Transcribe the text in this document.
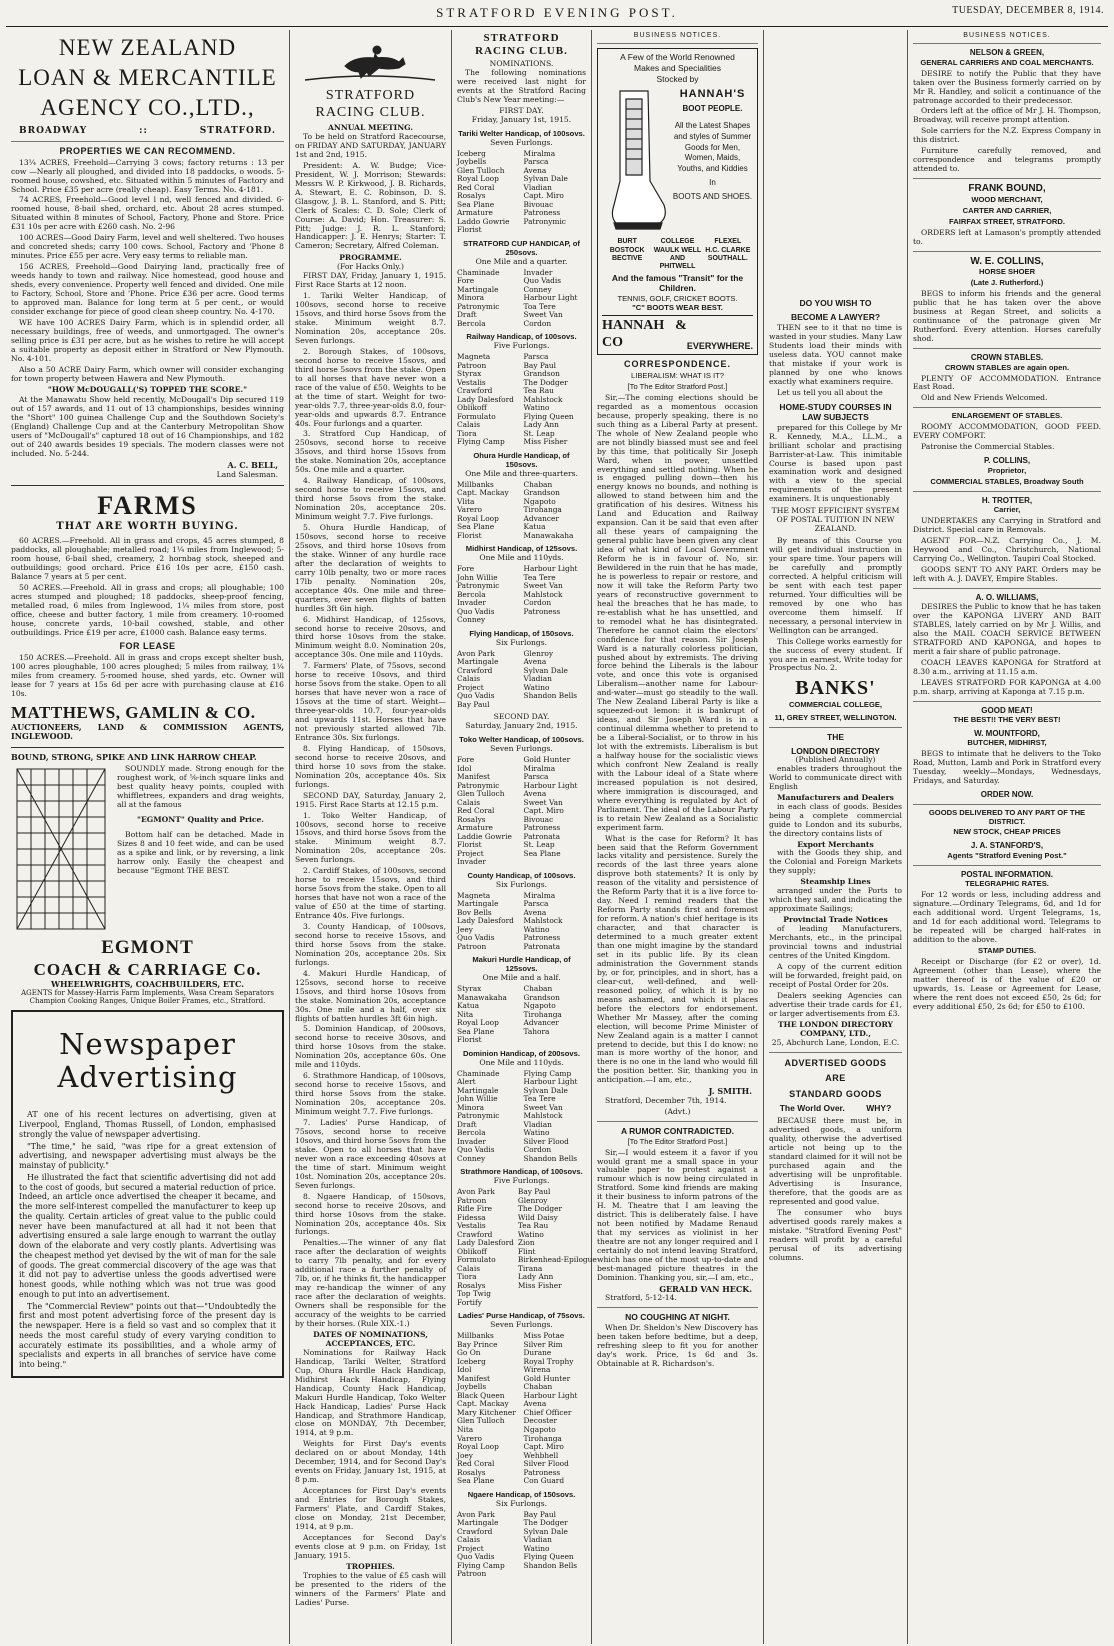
STRATFORD EVENING POST.	TUESDAY, DECEMBER 8, 1914.
NEW ZEALAND
LOAN & MERCANTILE
AGENCY CO.,LTD.,
BROADWAY	::	STRATFORD.
PROPERTIES WE CAN RECOMMEND.

13¼ ACRES, Freehold—Carrying 3 cows; factory returns : 13 per cow —Nearly all ploughed, and divided into 18 paddocks, o woods. 5-roomed house, cowshed, etc. Situated within 5 minutes of Factory and School. Price £35 per acre (really cheap). Easy Terms. No. 4-181.

74 ACRES, Freehold—Good level l nd, well fenced and divided. 6-roomed house, 8-bail shed, orchard, etc. About 28 acres stumped. Situated within 8 minutes of School, Factory, Phone and Store. Price £31 10s per acre with £260 cash. No. 2-96

100 ACRES—Good Dairy Farm, level and well sheltered. Two houses and concreted sheds; carry 100 cows. School, Factory and 'Phone 8 minutes. Price £55 per acre. Very easy terms to reliable man.

156 ACRES, Freehold—Good Dairying land, practically free of weeds handy to town and railway. Nice homestead, good house and sheds, every convenience. Property well fenced and divided. One mile to Factory, School, Store and 'Phone. Price £36 per acre. Good terms to approved man. Balance for long term at 5 per cent., or would consider exchange for piece of good clean sheep country. No. 4-170.

WE have 100 ACRES Dairy Farm, which is in splendid order, all necessary buildings, free of weeds, and unmortgaged. The owner's selling price is £31 per acre, but as he wishes to retire he will accept a suitable property as deposit either in Stratford or New Plymouth. No. 4-101.

Also a 50 ACRE Dairy Farm, which owner will consider exchanging for town property between Hawera and New Plymouth.

"HOW McDOUGALL('S) TOPPED THE SCORE."

At the Manawatu Show held recently, McDougall's Dip secured 119 out of 157 awards, and 11 out of 13 championships, besides winning the "Short" 100 guinea Challenge Cup and the Southdown Society's (England) Challenge Cup and at the Canterbury Metropolitan Show users of "McDougall's" captured 18 out of 16 Championships, and 182 out of 240 awards besides 19 specials. The modern classes were not included. No. 5-244.

A. C. BELL,
Land Salesman.
FARMS
THAT ARE WORTH BUYING.

60 ACRES.—Freehold. All in grass and crops, 45 acres stumped, 8 paddocks, all ploughable; metalled road; 1¼ miles from Inglewood; 5-room house, 6-bail shed, creamery, 2 hornbag stock, sheeped and outbuildings; good orchard. Price £16 10s per acre, £150 cash. Balance 7 years at 5 per cent.

50 ACRES.—Freehold. All in grass and crops; all ploughable; 100 acres stumped and ploughed; 18 paddocks, sheep-proof fencing, metalled road, 6 miles from Inglewood, 1¼ miles from store, post office, cheese and butter factory, 1 mile from creamery. 10-roomed house, concrete yards, 10-bail cowshed, stable, and other outbuildings. Price £19 per acre, £1000 cash. Balance easy terms.

FOR LEASE

150 ACRES.—Freehold. All in grass and crops except shelter bush, 100 acres ploughable, 100 acres ploughed; 5 miles from railway, 1¼ miles from creamery. 5-roomed house, shed yards, etc. Owner will lease for 7 years at 15s 6d per acre with purchasing clause at £16 10s.

MATTHEWS, GAMLIN & CO.
AUCTIONEERS, LAND & COMMISSION AGENTS, INGLEWOOD.
BOUND, STRONG, SPIKE AND LINK HARROW CHEAP.

SOUNDLY made. Strong enough for the roughest work, of ⅝-inch square links and best quality heavy points, coupled with whiffletrees, expanders and drag weights, all at the famous

"EGMONT" Quality and Price.

Bottom half can be detached. Made in Sizes 8 and 10 feet wide, and can be used as a spike and link, or by reversing, a link harrow only. Easily the cheapest and because "Egmont THE BEST.

EGMONT
COACH & CARRIAGE Co.
WHEELWRIGHTS, COACHBUILDERS, ETC.
AGENTS for Massey-Harris Farm Implements, Wasa Cream Separators Champion Cooking Ranges, Unique Boiler Frames, etc., Stratford.
Newspaper
Advertising

AT one of his recent lectures on advertising, given at Liverpool, England, Thomas Russell, of London, emphasised strongly the value of newspaper advertising.

"The time," he said, "was ripe for a great extension of advertising, and newspaper advertising must always be the mainstay of publicity."

He illustrated the fact that scientific advertising did not add to the cost of goods, but secured a material reduction of price. Indeed, an article once advertised the cheaper it became, and the more self-interest compelled the manufacturer to keep up the quality. Certain articles of great value to the public could never have been manufactured at all had it not been that advertising ensured a sale large enough to warrant the outlay down of the elaborate and very costly plants. Advertising was the cheapest method yet devised by the wit of man for the sale of goods. The great commercial discovery of the age was that it did not pay to advertise unless the goods advertised were honest goods, while nothing which was not true was good enough to put into an advertisement.

The "Commercial Review" points out that—"Undoubtedly the first and most potent advertising force of the present day is the newspaper. Here is a field so vast and so complex that it needs the most careful study of every varying condition to accurately estimate its possibilities, and a whole army of specialists and experts in all branches of service have come into being."

STRATFORD RACING CLUB.
ANNUAL MEETING.

To be held on Stratford Racecourse, on FRIDAY AND SATURDAY, JANUARY 1st and 2nd, 1915.

President: A. W. Budge; Vice-President, W. J. Morrison; Stewards: Messrs W. P. Kirkwood, J. B. Richards, A. Stewart, E. C. Robinson, D. S. Glasgow, J. B. L. Stanford, and S. Pitt; Clerk of Scales: C. D. Sole; Clerk of Course: A. David; Hon. Treasurer: S. Pitt; Judge: J. R. L. Stanford; Handicapper: J. E. Henrys; Starter: T. Cameron; Secretary, Alfred Coleman.

PROGRAMME.
(For Hacks Only.)

FIRST DAY, Friday, January 1, 1915. First Race Starts at 12 noon.

1. Tariki Welter Handicap, of 100sovs, second horse to receive 15sovs, and third horse 5sovs from the stake. Minimum weight 8.7. Nomination 20s, acceptance 20s. Seven furlongs.

2. Borough Stakes, of 100sovs, second horse to receive 15sovs, and third horse 5sovs from the stake. Open to all horses that have never won a race of the value of £50. Weights to be at the time of start. Weight for two-year-olds 7.7, three-year-olds 8.0, four-year-olds and upwards 8.7. Entrance 40s. Four furlongs and a quarter.

3. Stratford Cup Handicap, of 250sovs, second horse to receive 35sovs, and third horse 15sovs from the stake. Nomination 20s, acceptance 50s. One mile and a quarter.

4. Railway Handicap, of 100sovs, second horse to receive 15sovs, and third horse 5sovs from the stake. Nomination 20s, acceptance 20s. Minimum weight 7.7. Five furlongs.

5. Ohura Hurdle Handicap, of 150sovs, second horse to receive 25sovs, and third horse 10sovs from the stake. Winner of any hurdle race after the declaration of weights to carry 10lb penalty, two or more races 17lb penalty. Nomination 20s, acceptance 40s. One mile and three-quarters, over seven flights of batten hurdles 3ft 6in high.

6. Midhirst Handicap, of 125sovs, second horse to receive 20sovs, and third horse 10sovs from the stake. Minimum weight 8.0. Nomination 20s, acceptance 30s. One mile and 110yds.

7. Farmers' Plate, of 75sovs, second horse to receive 10sovs, and third horse 5sovs from the stake. Open to all horses that have never won a race of 15sovs at the time of start. Weight—three-year-olds 10.7, four-year-olds and upwards 11st. Horses that have not previously started allowed 7lb. Entrance 30s. Six furlongs.

8. Flying Handicap, of 150sovs, second horse to receive 20sovs, and third horse 10 sovs from the stake. Nomination 20s, acceptance 40s. Six furlongs.

SECOND DAY, Saturday, January 2, 1915. First Race Starts at 12.15 p.m.

1. Toko Welter Handicap, of 100sovs, second horse to receive 15sovs, and third horse 5sovs from the stake. Minimum weight 8.7. Nomination 20s, acceptance 20s. Seven furlongs.

2. Cardiff Stakes, of 100sovs, second horse to receive 15sovs, and third horse 5sovs from the stake. Open to all horses that have not won a race of the value of £50 at the time of starting. Entrance 40s. Five furlongs.

3. County Handicap, of 100sovs, second horse to receive 15sovs, and third horse 5sovs from the stake. Nomination 20s, acceptance 20s. Six furlongs.

4. Makuri Hurdle Handicap, of 125sovs, second horse to receive 15sovs, and third horse 10sovs from the stake. Nomination 20s, acceptance 30s. One mile and a half, over six flights of batten hurdles 3ft 6in high.

5. Dominion Handicap, of 200sovs, second horse to receive 30sovs, and third horse 10sovs from the stake. Nomination 20s, acceptance 60s. One mile and 110yds.

6. Strathmore Handicap, of 100sovs, second horse to receive 15sovs, and third horse 5sovs from the stake. Nomination 20s, acceptance 20s. Minimum weight 7.7. Five furlongs.

7. Ladies' Purse Handicap, of 75sovs, second horse to receive 10sovs, and third horse 5sovs from the stake. Open to all horses that have never won a race exceeding 40sovs at the time of start. Minimum weight 10st. Nomination 20s, acceptance 20s. Seven furlongs.

8. Ngaere Handicap, of 150sovs, second horse to receive 20sovs, and third horse 10sovs from the stake. Nomination 20s, acceptance 40s. Six furlongs.

Penalties.—The winner of any flat race after the declaration of weights to carry 7lb penalty, and for every additional race a further penalty of 7lb, or, if he thinks fit, the handicapper may re-handicap the winner of any race after the declaration of weights. Owners shall be responsible for the accuracy of the weights to be carried by their horses. (Rule XIX.-1.)

DATES OF NOMINATIONS, ACCEPTANCES, ETC.

Nominations for Railway Hack Handicap, Tariki Welter, Stratford Cup, Ohura Hurdle Hack Handicap, Midhirst Hack Handicap, Flying Handicap, County Hack Handicap, Makuri Hurdle Handicap, Toko Welter Hack Handicap, Ladies' Purse Hack Handicap, and Strathmore Handicap, close on MONDAY, 7th December, 1914, at 9 p.m.

Weights for First Day's events declared on or about Monday, 14th December, 1914, and for Second Day's events on Friday, January 1st, 1915, at 8 p.m.

Acceptances for First Day's events and Entries for Borough Stakes, Farmers' Plate, and Cardiff Stakes, close on Monday, 21st December, 1914, at 9 p.m.

Acceptances for Second Day's events close at 9 p.m. on Friday, 1st January, 1915.

TROPHIES.

Trophies to the value of £5 cash will be presented to the riders of the winners of the Farmers' Plate and Ladies' Purse.

STRATFORD RACING CLUB.
NOMINATIONS.

The following nominations were received last night for events at the Stratford Racing Club's New Year meeting:—

FIRST DAY.
Friday, January 1st, 1915.
Tariki Welter Handicap, of 100sovs.
Seven Furlongs.
Iceberg	Miralma
Joybells	Parsca
Glen Tulloch	Avena
Royal Loop	Sylvan Dale
Red Coral	Vladian
Rosalys	Capt. Miro
Sea Plane	Bivouac
Armature	Patroness
Laddo Gowrie	Patronymic
Florist
STRATFORD CUP HANDICAP, of 250sovs.
One Mile and a quarter.
Chaminade	Invader
Fore	Quo Vadis
Martingale	Conney
Minora	Harbour Light
Patronymic	Toa Tere
Draft	Sweet Van
Bercola	Cordon
Railway Handicap, of 100sovs.
Five Furlongs.
Magneta	Parsca
Patroon	Bay Paul
Styrax	Grandson
Vestalis	The Dodger
Crawford	Tea Rau
Lady Dalesford	Mahlstock
Oblikoff	Watino
Formulato	Flying Queen
Calais	Lady Ann
Tiora	St. Leap
Flying Camp	Miss Fisher
Ohura Hurdle Handicap, of 150sovs.
One Mile and three-quarters.
Millbanks	Chaban
Capt. Mackay	Grandson
Vlita	Ngapoto
Varero	Tirohanga
Royal Loop	Advancer
Sea Plane	Katua
Florist	Manawakaha
Midhirst Handicap, of 125sovs.
One Mile and 110yds.
Fore	Harbour Light
John Willie	Tea Tere
Patronymic	Sweet Van
Bercola	Mahlstock
Invader	Cordon
Quo Vadis	Patroness
Conney
Flying Handicap, of 150sovs.
Six Furlongs.
Avon Park	Glenroy
Martingale	Avena
Crawford	Sylvan Dale
Calais	Vladian
Project	Watino
Quo Vadis	Shandon Bells
Bay Paul
SECOND DAY.
Saturday, January 2nd, 1915.
Toko Welter Handicap, of 100sovs.
Seven Furlongs.
Fore	Gold Hunter
Idol	Miralma
Manifest	Parsca
Patronymic	Harbour Light
Glen Tulloch	Avena
Calais	Sweet Van
Red Coral	Capt. Miro
Rosalys	Bivouac
Armature	Patroness
Laddie Gowrie	Patronata
Florist	St. Leap
Project	Sea Plane
Invader
County Handicap, of 100sovs.
Six Furlongs.
Magneta	Miralma
Martingale	Parsca
Bov Bells	Avena
Lady Dalesford	Mahlstock
Jeey	Watino
Quo Vadis	Patroness
Patroon	Patronata
Makuri Hurdle Handicap, of 125sovs.
One Mile and a half.
Styrax	Chaban
Manawakaha	Grandson
Katua	Ngapoto
Nita	Tirohanga
Royal Loop	Advancer
Sea Plane	Tahora
Florist
Dominion Handicap, of 200sovs.
One Mile and 110yds.
Chaminade	Flying Camp
Alert	Harbour Light
Martingale	Sylvan Dale
John Willie	Tea Tere
Minora	Sweet Van
Patronymic	Mahlstock
Draft	Vladian
Bercola	Watino
Invader	Silver Flood
Quo Vadis	Cordon
Conney	Shandon Bells
Strathmore Handicap, of 100sovs.
Five Furlongs.
Avon Park	Bay Paul
Patroon	Glenroy
Rifle Fire	The Dodger
Fidessa	Wild Daisy
Vestalis	Tea Rau
Crawford	Watino
Lady Dalesford Zion
Oblikoff	Flint
Formulato	Birkenhead-Epilogue
Calais	Tirana
Tiora	Lady Ann
Rosalys	Miss Fisher
Top Twig
Fortify
Ladies' Purse Handicap, of 75sovs.
Seven Furlongs.
Millbanks	Miss Potae
Bay Prince	Silver Rim
Go On	Durane
Iceberg	Royal Trophy
Idol	Wirena
Manifest	Gold Hunter
Joybells	Chaban
Black Queen	Harbour Light
Capt. Mackay	Avena
Mary Kitchener	Chief Officer
Glen Tulloch	Decoster
Nita	Ngapoto
Varero	Tirohanga
Royal Loop	Capt. Miro
Joey	Wehbhell
Red Coral	Silver Flood
Rosalys	Patroness
Sea Plane	Con Guard
Ngaere Handicap, of 150sovs.
Six Furlongs.
Avon Park	Bay Paul
Martingale	The Dodger
Crawford	Sylvan Dale
Calais	Vladian
Project	Watino
Quo Vadis	Flying Queen
Flying Camp	Shandon Bells
Patroon
BUSINESS NOTICES.
A Few of the World Renowned
Makes and Specialities
Stocked by
HANNAH'S
BOOT PEOPLE.
All the Latest Shapes and styles of Summer Goods for Men, Women, Maids, Youths, and Kiddies
In
BOOTS AND SHOES.
BURT	COLLEGE	FLEXEL
BOSTOCK	WAULK WELL H.C. CLARKE
BECTIVE	AND PHITWELL
SOUTHALL.
And the famous "Transit" for the Children.
TENNIS, GOLF, CRICKET BOOTS.
"C" BOOTS WEAR BEST.
HANNAH & CO	EVERYWHERE.
CORRESPONDENCE.
LIBERALISM: WHAT IS IT?
[To The Editor Stratford Post.]

Sir,—The coming elections should be regarded as a momentous occasion because, properly speaking, there is no such thing as a Liberal Party at present. The whole of New Zealand people who are not blindly biassed must see and feel by this time, that politically Sir Joseph Ward, when in power, unsettled everything and settled nothing. When he is engaged pulling down—then his energy knows no bounds, and nothing is allowed to stand between him and the gratification of his desires. Witness his Land and Education and Railway expansion. Can it be said that even after all these years of campaigning the general public have been given any clear idea of what kind of Local Government Reform he is in favour of. No, sir. Bewildered in the ruin that he has made, he is powerless to repair or restore, and now it will take the Reform Party two years of reconstructive government to heal the breaches that he has made, to re-establish what he has unsettled, and to remodel what he has disintegrated. Therefore he cannot claim the electors' confidence for that reason. Sir Joseph Ward is a naturally colorless politician, pushed about by extremists. The driving force behind the Liberals is the labour vote, and once this vote is organised Liberalism—another name for Labour-and-water—must go steadily to the wall. The New Zealand Liberal Party is like a squeezed-out lemon: it is bankrupt of ideas, and Sir Joseph Ward is in a continual dilemma whether to pretend to be a Liberal-Socialist, or to throw in his lot with the extremists. Liberalism is but a halfway house for the socialistic views which confront New Zealand is really with the Labour ideal of a State where increased population is not desired, where immigration is discouraged, and where everything is regulated by Act of Parliament. The ideal of the Labour Party is to retain New Zealand as a Socialistic experiment farm.

What is the case for Reform? It has been said that the Reform Government lacks vitality and persistence. Surely the records of the last three years alone disprove both statements? It is only by reason of the vitality and persistence of the Reform Party that it is a live force to-day. Need I remind readers that the Reform Party stands first and foremost for reform. A nation's chief heritage is its character, and that character is determined to a much greater extent than one might imagine by the standard set in its public life. By its clean administration the Government stands by, or for, principles, and in short, has a clear-cut, well-defined, and well-reasoned policy, of which it is by no means ashamed, and which it places before the electors for endorsement. Whether Mr Massey, after the coming election, will become Prime Minister of New Zealand again is a matter I cannot pretend to decide, but this I do know: no man is more worthy of the honor, and there is no one in the land who would fill the position better. Sir, thanking you in anticipation.—I am, etc.,

J. SMITH.

Stratford, December 7th, 1914.

(Advt.)
A RUMOR CONTRADICTED.
[To The Editor Stratford Post.]

Sir,—I would esteem it a favor if you would grant me a small space in your valuable paper to protest against a rumour which is now being circulated in Stratford. Some kind friends are making it their business to inform patrons of the H. M. Theatre that I am leaving the district. This is deliberately false. I have not been notified by Madame Renaud that my services as violinist in her theatre are not any longer required and I certainly do not intend leaving Stratford, which has one of the most up-to-date and best-managed picture theatres in the Dominion. Thanking you, sir,—I am, etc.,

GERALD VAN HECK.

Stratford, 5-12-14.

NO COUGHING AT NIGHT.

When Dr. Sheldon's New Discovery has been taken before bedtime, but a deep, refreshing sleep to fit you for another day's work. Price, 1s 6d and 3s. Obtainable at R. Richardson's.

DO YOU WISH TO
BECOME A LAWYER?

THEN see to it that no time is wasted in your studies. Many Law Students load their minds with useless data. YOU cannot make that mistake if your work is planned by one who knows exactly what examiners require.

Let us tell you all about the

HOME-STUDY COURSES IN LAW SUBJECTS

prepared for this College by Mr R. Kennedy, M.A., LL.M., a brilliant scholar and practising Barrister-at-Law. This inimitable Course is based upon past examination work and designed with a view to the special requirements of the present examiners. It is unquestionably

THE MOST EFFICIENT SYSTEM OF POSTAL TUITION IN NEW ZEALAND.

By means of this Course you will get individual instruction in your spare time. Your papers will be carefully and promptly corrected. A helpful criticism will be sent with each test paper returned. Your difficulties will be removed by one who has overcome them himself. If necessary, a personal interview in Wellington can be arranged.

This College works earnestly for the success of every student. If you are in earnest, Write today for Prospectus No. 2.

BANKS'
COMMERCIAL COLLEGE,
11, GREY STREET, WELLINGTON.
THE
LONDON DIRECTORY
(Published Annually)

enables traders throughout the World to communicate direct with English

Manufacturers and Dealers

in each class of goods. Besides being a complete commercial guide to London and its suburbs, the directory contains lists of

Export Merchants

with the Goods they ship, and the Colonial and Foreign Markets they supply;

Steamship Lines

arranged under the Ports to which they sail, and indicating the approximate Sailings;

Provincial Trade Notices

of leading Manufacturers, Merchants, etc., in the principal provincial towns and industrial centres of the United Kingdom.

A copy of the current edition will be forwarded, freight paid, on receipt of Postal Order for 20s.

Dealers seeking Agencies can advertise their trade cards for £1, or larger advertisements from £3.

THE LONDON DIRECTORY COMPANY, LTD.,
25, Abchurch Lane, London, E.C.
ADVERTISED GOODS
ARE
STANDARD GOODS
The World Over.	WHY?

BECAUSE there must be, in advertised goods, a uniform quality, otherwise the advertised article not being up to the standard claimed for it will not be purchased again and the advertising will be unprofitable. Advertising is Insurance, therefore, that the goods are as represented and good value.

The consumer who buys advertised goods rarely makes a mistake. "Stratford Evening Post" readers will profit by a careful perusal of its advertising columns.

BUSINESS NOTICES.
NELSON & GREEN,
GENERAL CARRIERS AND COAL MERCHANTS.

DESIRE to notify the Public that they have taken over the Business formerly carried on by Mr R. Handley, and solicit a continuance of the patronage accorded to their predecessor.

Orders left at the office of Mr J. H. Thompson, Broadway, will receive prompt attention.

Sole carriers for the N.Z. Express Company in this district.

Furniture carefully removed, and correspondence and telegrams promptly attended to.

FRANK BOUND,
WOOD MERCHANT,
CARTER AND CARRIER,
FAIRFAX STREET, STRATFORD.

ORDERS left at Lamason's promptly attended to.

W. E. COLLINS,
HORSE SHOER
(Late J. Rutherford.)

BEGS to inform his friends and the general public that he has taken over the above business at Regan Street, and solicits a continuance of the patronage given Mr Rutherford. Every attention. Horses carefully shod.

CROWN STABLES.
CROWN STABLES are again open.

PLENTY OF ACCOMMODATION. Entrance East Road.

Old and New Friends Welcomed.

ENLARGEMENT OF STABLES.

ROOMY ACCOMMODATION, GOOD FEED. EVERY COMFORT.

Patronise the Commercial Stables.

P. COLLINS,
Proprietor,
COMMERCIAL STABLES, Broadway South
H. TROTTER,
Carrier,

UNDERTAKES any Carrying in Stratford and District. Special care in Removals.

AGENT FOR—N.Z. Carrying Co., J. M. Heywood and Co., Christchurch, National Carrying Co., Wellington. Taupiri Coal Stocked.

GOODS SENT TO ANY PART. Orders may be left with A. J. DAVEY, Empire Stables.

A. O. WILLIAMS,

DESIRES the Public to know that he has taken over the KAPONGA LIVERY AND BAIT STABLES, lately carried on by Mr J. Willis, and also the MAIL COACH SERVICE BETWEEN STRATFORD AND KAPONGA, and hopes to merit a fair share of public patronage.

COACH LEAVES KAPONGA for Stratford at 8.30 a.m., arriving at 11.15 a.m.

LEAVES STRATFORD FOR KAPONGA at 4.00 p.m. sharp, arriving at Kaponga at 7.15 p.m.

GOOD MEAT!
THE BEST!! THE VERY BEST!
W. MOUNTFORD,
BUTCHER, MIDHIRST,

BEGS to intimate that he delivers to the Toko Road, Mutton, Lamb and Pork in Stratford every Tuesday, weekly—Mondays, Wednesdays, Fridays, and Saturday.

ORDER NOW.
GOODS DELIVERED TO ANY PART OF THE DISTRICT.
NEW STOCK, CHEAP PRICES
J. A. STANFORD'S,
Agents "Stratford Evening Post."
POSTAL INFORMATION.
TELEGRAPHIC RATES.

For 12 words or less, including address and signature.—Ordinary Telegrams, 6d, and 1d for each additional word. Urgent Telegrams, 1s, and 1d for each additional word. Telegrams to be repeated will be charged half-rates in addition to the above.

STAMP DUTIES.

Receipt or Discharge (for £2 or over), 1d. Agreement (other than Lease), where the matter thereof is of the value of £20 or upwards, 1s. Lease or Agreement for Lease, where the rent does not exceed £50, 2s 6d; for every additional £50, 2s 6d; for £50 to £100.
